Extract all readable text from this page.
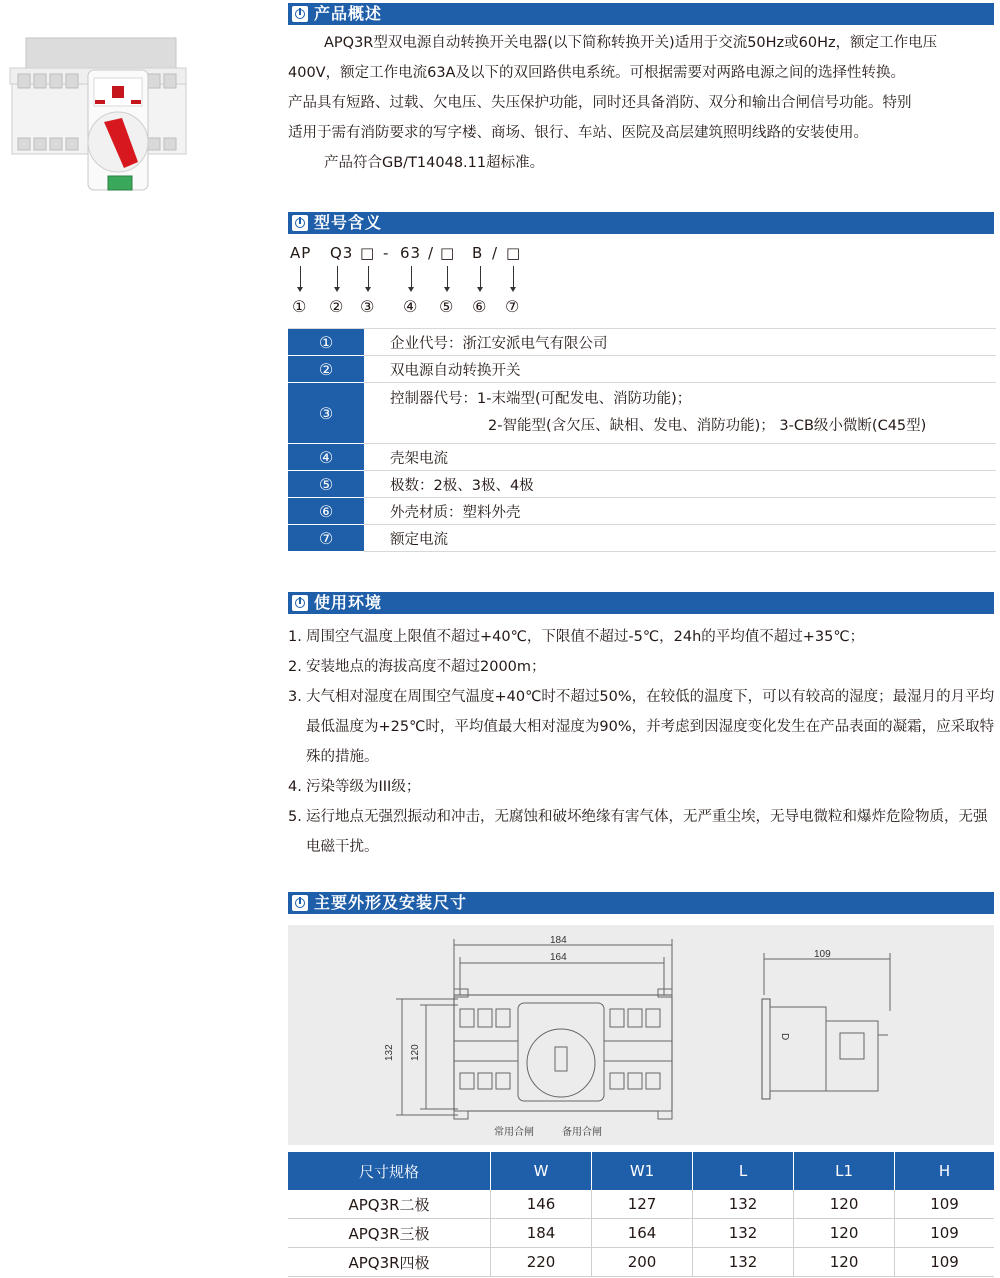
产品概述

APQ3R型双电源自动转换开关电器(以下简称转换开关)适用于交流50Hz或60Hz，额定工作电压

400V，额定工作电流63A及以下的双回路供电系统。可根据需要对两路电源之间的选择性转换。

产品具有短路、过载、欠电压、失压保护功能，同时还具备消防、双分和输出合闸信号功能。特别

适用于需有消防要求的写字楼、商场、银行、车站、医院及高层建筑照明线路的安装使用。

产品符合GB/T14048.11超标准。

型号含义
AP Q3 □ - 63 / □ B / □
① ② ③ ④ ⑤ ⑥ ⑦
①	企业代号：浙江安派电气有限公司
②	双电源自动转换开关
③	控制器代号：1-末端型(可配发电、消防功能)；
2-智能型(含欠压、缺相、发电、消防功能)； 3-CB级小微断(C45型)

④	壳架电流
⑤	极数：2极、3极、4极
⑥	外壳材质：塑料外壳
⑦	额定电流
使用环境
1. 周围空气温度上限值不超过+40℃，下限值不超过-5℃，24h的平均值不超过+35℃；
2. 安装地点的海拔高度不超过2000m；
3. 大气相对湿度在周围空气温度+40℃时不超过50%，在较低的温度下，可以有较高的湿度；最湿月的月平均最低温度为+25℃时，平均值最大相对湿度为90%，并考虑到因湿度变化发生在产品表面的凝霜，应采取特殊的措施。
4. 污染等级为III级；
5. 运行地点无强烈振动和冲击，无腐蚀和破坏绝缘有害气体，无严重尘埃，无导电微粒和爆炸危险物质，无强电磁干扰。
主要外形及安装尺寸
184
164
132 120
109
D
常用合闸	备用合闸
尺寸规格	W	W1	L	L1	H
APQ3R二极	146	127	132	120	109
APQ3R三极	184	164	132	120	109
APQ3R四极	220	200	132	120	109
